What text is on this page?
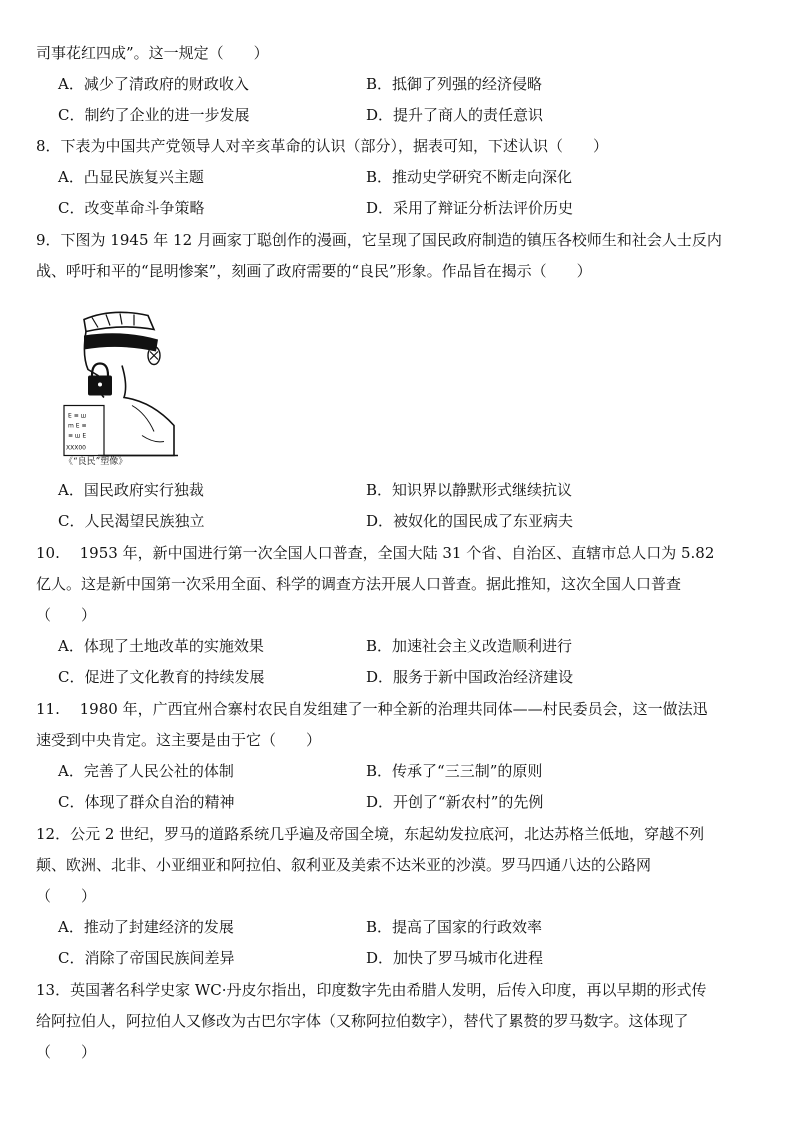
司事花红四成”。这一规定（　　）
A．减少了清政府的财政收入	B．抵御了列强的经济侵略
C．制约了企业的进一步发展	D．提升了商人的责任意识
8．下表为中国共产党领导人对辛亥革命的认识（部分），据表可知，下述认识（　　）
A．凸显民族复兴主题	B．推动史学研究不断走向深化
C．改变革命斗争策略	D．采用了辩证分析法评价历史
9．下图为 1945 年 12 月画家丁聪创作的漫画，它呈现了国民政府制造的镇压各校师生和社会人士反内
战、呼吁和平的“昆明惨案”，刻画了政府需要的“良民”形象。作品旨在揭示（　　）
E ≡ ш
m E ≡
≡ ш E
XXX00
《“良民”塑像》
A．国民政府实行独裁	B．知识界以静默形式继续抗议
C．人民渴望民族独立	D．被奴化的国民成了东亚病夫
10.　 1953 年，新中国进行第一次全国人口普查，全国大陆 31 个省、自治区、直辖市总人口为 5.82
亿人。这是新中国第一次采用全面、科学的调查方法开展人口普查。据此推知，这次全国人口普查
（　　）
A．体现了土地改革的实施效果	B．加速社会主义改造顺利进行
C．促进了文化教育的持续发展	D．服务于新中国政治经济建设
11.　 1980 年，广西宜州合寨村农民自发组建了一种全新的治理共同体——村民委员会，这一做法迅
速受到中央肯定。这主要是由于它（　　）
A．完善了人民公社的体制	B．传承了“三三制”的原则
C．体现了群众自治的精神	D．开创了“新农村”的先例
12．公元 2 世纪，罗马的道路系统几乎遍及帝国全境，东起幼发拉底河，北达苏格兰低地，穿越不列
颠、欧洲、北非、小亚细亚和阿拉伯、叙利亚及美索不达米亚的沙漠。罗马四通八达的公路网
（　　）
A．推动了封建经济的发展	B．提高了国家的行政效率
C．消除了帝国民族间差异	D．加快了罗马城市化进程
13．英国著名科学史家 WC·丹皮尔指出，印度数字先由希腊人发明，后传入印度，再以早期的形式传
给阿拉伯人，阿拉伯人又修改为古巴尔字体（又称阿拉伯数字），替代了累赘的罗马数字。这体现了
（　　）
